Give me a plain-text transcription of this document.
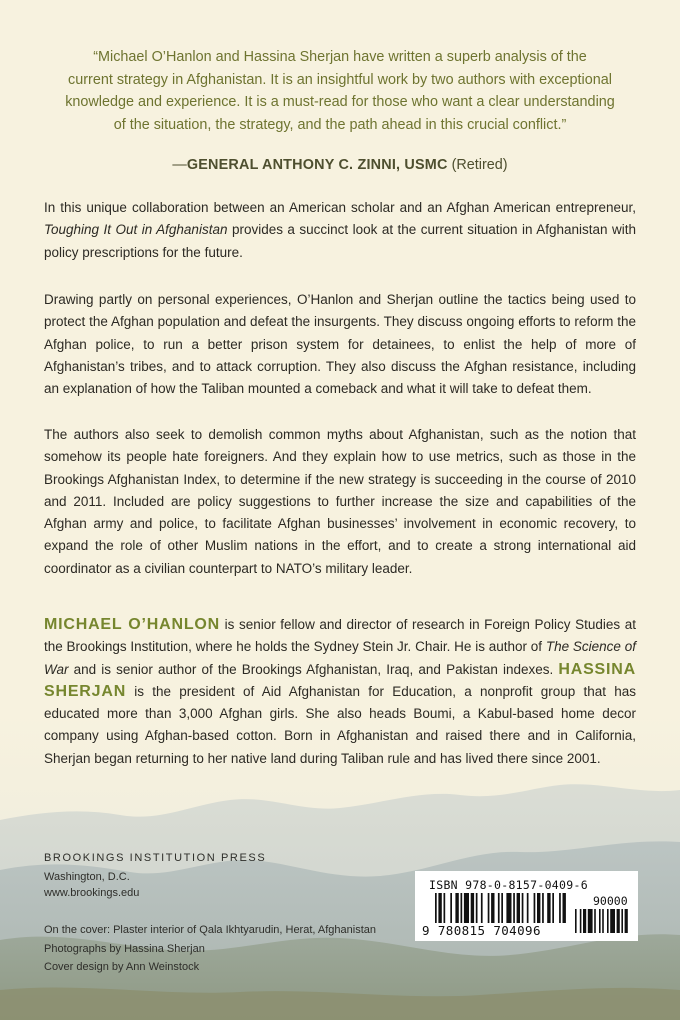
“Michael O’Hanlon and Hassina Sherjan have written a superb analysis of the
current strategy in Afghanistan. It is an insightful work by two authors with exceptional
knowledge and experience. It is a must-read for those who want a clear understanding
of the situation, the strategy, and the path ahead in this crucial conflict.”
—GENERAL ANTHONY C. ZINNI, USMC (Retired)
In this unique collaboration between an American scholar and an Afghan American entrepreneur, Toughing It Out in Afghanistan provides a succinct look at the current situation in Afghanistan with policy prescriptions for the future.
Drawing partly on personal experiences, O’Hanlon and Sherjan outline the tactics being used to protect the Afghan population and defeat the insurgents. They discuss ongoing efforts to reform the Afghan police, to run a better prison system for detainees, to enlist the help of more of Afghanistan’s tribes, and to attack corruption. They also discuss the Afghan resistance, including an explanation of how the Taliban mounted a comeback and what it will take to defeat them.
The authors also seek to demolish common myths about Afghanistan, such as the notion that somehow its people hate foreigners. And they explain how to use metrics, such as those in the Brookings Afghanistan Index, to determine if the new strategy is succeeding in the course of 2010 and 2011. Included are policy suggestions to further increase the size and capabilities of the Afghan army and police, to facilitate Afghan businesses’ involvement in economic recovery, to expand the role of other Muslim nations in the effort, and to create a strong international aid coordinator as a civilian counterpart to NATO’s military leader.
MICHAEL O’HANLON is senior fellow and director of research in Foreign Policy Studies at the Brookings Institution, where he holds the Sydney Stein Jr. Chair. He is author of The Science of War and is senior author of the Brookings Afghanistan, Iraq, and Pakistan indexes. HASSINA SHERJAN is the president of Aid Afghanistan for Education, a nonprofit group that has educated more than 3,000 Afghan girls. She also heads Boumi, a Kabul-based home decor company using Afghan-based cotton. Born in Afghanistan and raised there and in California, Sherjan began returning to her native land during Taliban rule and has lived there since 2001.
BROOKINGS INSTITUTION PRESS
Washington, D.C.
www.brookings.edu
On the cover: Plaster interior of Qala Ikhtyarudin, Herat, Afghanistan
Photographs by Hassina Sherjan
Cover design by Ann Weinstock
ISBN 978-0-8157-0409-6
90000
9 780815 704096
